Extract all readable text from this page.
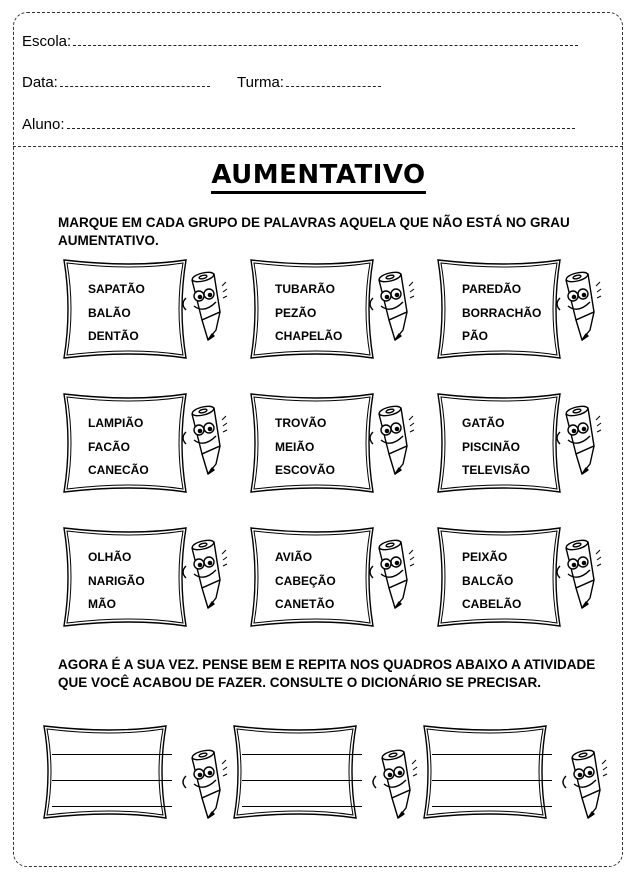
Escola:
Data:	Turma:
Aluno:
AUMENTATIVO
MARQUE EM CADA GRUPO DE PALAVRAS AQUELA QUE NÃO ESTÁ NO GRAU AUMENTATIVO.
SAPATÃO
BALÃO
DENTÃO
TUBARÃO
PEZÃO
CHAPELÃO
PAREDÃO
BORRACHÃO
PÃO
LAMPIÃO
FACÃO
CANECÃO
TROVÃO
MEIÃO
ESCOVÃO
GATÃO
PISCINÃO
TELEVISÃO
OLHÃO
NARIGÃO
MÃO
AVIÃO
CABEÇÃO
CANETÃO
PEIXÃO
BALCÃO
CABELÃO
AGORA É A SUA VEZ. PENSE BEM E REPITA NOS QUADROS ABAIXO A ATIVIDADE QUE VOCÊ ACABOU DE FAZER. CONSULTE O DICIONÁRIO SE PRECISAR.
